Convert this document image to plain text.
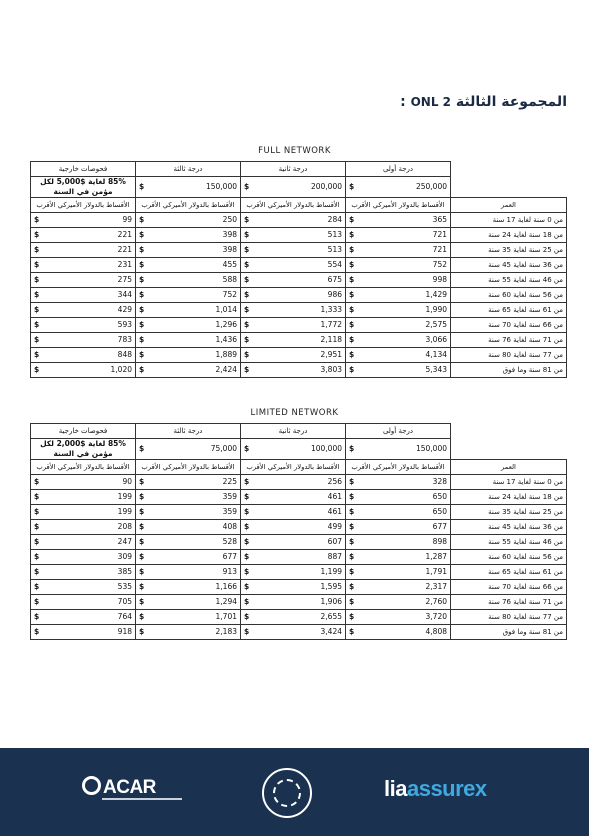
المجموعة الثالثة ONL 2 :
FULL NETWORK
فحوصات خارجية	درجة ثالثة	درجة ثانية	درجة أولى	
85% لغاية $5,000 لكل مؤمن في السنة	$ 150,000	$ 200,000	$ 250,000	

الأقساط بالدولار الأميركي الأقرب	الأقساط بالدولار الأميركي الأقرب	الأقساط بالدولار الأميركي الأقرب	الأقساط بالدولار الأميركي الأقرب	العمر

$ 99	$ 250	$ 284	$ 365	من 0 سنة لغاية 17 سنة

$ 221	$ 398	$ 513	$ 721	من 18 سنة لغاية 24 سنة

$ 221	$ 398	$ 513	$ 721	من 25 سنة لغاية 35 سنة

$ 231	$ 455	$ 554	$ 752	من 36 سنة لغاية 45 سنة

$ 275	$ 588	$ 675	$ 998	من 46 سنة لغاية 55 سنة

$ 344	$ 752	$ 986	$ 1,429	من 56 سنة لغاية 60 سنة

$ 429	$ 1,014	$ 1,333	$ 1,990	من 61 سنة لغاية 65 سنة

$ 593	$ 1,296	$ 1,772	$ 2,575	من 66 سنة لغاية 70 سنة

$ 783	$ 1,436	$ 2,118	$ 3,066	من 71 سنة لغاية 76 سنة

$ 848	$ 1,889	$ 2,951	$ 4,134	من 77 سنة لغاية 80 سنة

$ 1,020	$ 2,424	$ 3,803	$ 5,343	من 81 سنة وما فوق
LIMITED NETWORK
فحوصات خارجية	درجة ثالثة	درجة ثانية	درجة أولى	
85% لغاية $2,000 لكل مؤمن في السنة	$ 75,000	$ 100,000	$ 150,000	

الأقساط بالدولار الأميركي الأقرب	الأقساط بالدولار الأميركي الأقرب	الأقساط بالدولار الأميركي الأقرب	الأقساط بالدولار الأميركي الأقرب	العمر

$ 90	$ 225	$ 256	$ 328	من 0 سنة لغاية 17 سنة

$ 199	$ 359	$ 461	$ 650	من 18 سنة لغاية 24 سنة

$ 199	$ 359	$ 461	$ 650	من 25 سنة لغاية 35 سنة

$ 208	$ 408	$ 499	$ 677	من 36 سنة لغاية 45 سنة

$ 247	$ 528	$ 607	$ 898	من 46 سنة لغاية 55 سنة

$ 309	$ 677	$ 887	$ 1,287	من 56 سنة لغاية 60 سنة

$ 385	$ 913	$ 1,199	$ 1,791	من 61 سنة لغاية 65 سنة

$ 535	$ 1,166	$ 1,595	$ 2,317	من 66 سنة لغاية 70 سنة

$ 705	$ 1,294	$ 1,906	$ 2,760	من 71 سنة لغاية 76 سنة

$ 764	$ 1,701	$ 2,655	$ 3,720	من 77 سنة لغاية 80 سنة

$ 918	$ 2,183	$ 3,424	$ 4,808	من 81 سنة وما فوق
ACAR	liaassurex
